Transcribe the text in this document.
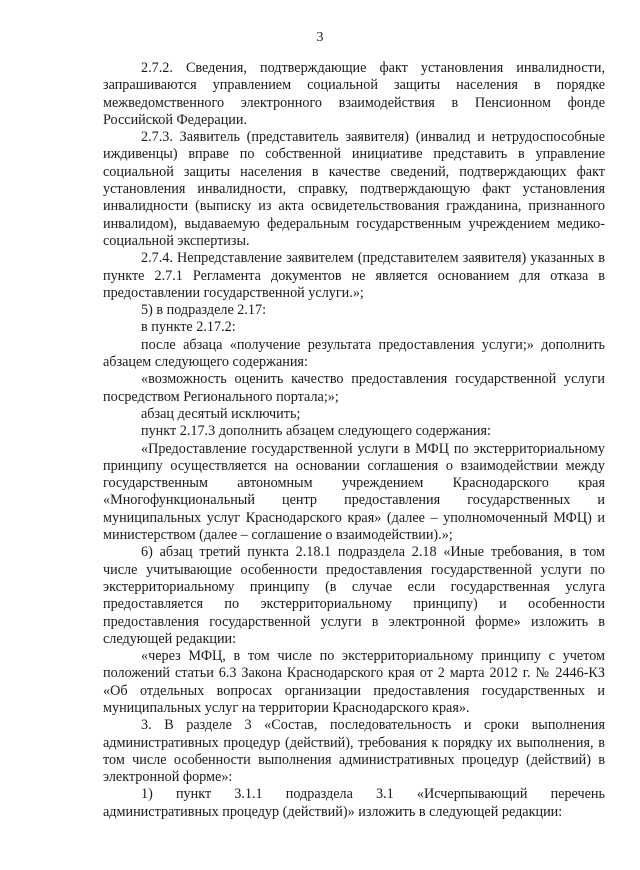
3

2.7.2. Сведения, подтверждающие факт установления инвалидности, запрашиваются управлением социальной защиты населения в порядке межведомственного электронного взаимодействия в Пенсионном фонде Российской Федерации.

2.7.3. Заявитель (представитель заявителя) (инвалид и нетрудоспособные иждивенцы) вправе по собственной инициативе представить в управление социальной защиты населения в качестве сведений, подтверждающих факт установления инвалидности, справку, подтверждающую факт установления инвалидности (выписку из акта освидетельствования гражданина, признанного инвалидом), выдаваемую федеральным государственным учреждением медико-социальной экспертизы.

2.7.4. Непредставление заявителем (представителем заявителя) указанных в пункте 2.7.1 Регламента документов не является основанием для отказа в предоставлении государственной услуги.»;

5) в подразделе 2.17:

в пункте 2.17.2:

после абзаца «получение результата предоставления услуги;» дополнить абзацем следующего содержания:

«возможность оценить качество предоставления государственной услуги посредством Регионального портала;»;

абзац десятый исключить;

пункт 2.17.3 дополнить абзацем следующего содержания:

«Предоставление государственной услуги в МФЦ по экстерриториальному принципу осуществляется на основании соглашения о взаимодействии между государственным автономным учреждением Краснодарского края «Многофункциональный центр предоставления государственных и муниципальных услуг Краснодарского края» (далее – уполномоченный МФЦ) и министерством (далее – соглашение о взаимодействии).»;

6) абзац третий пункта 2.18.1 подраздела 2.18 «Иные требования, в том числе учитывающие особенности предоставления государственной услуги по экстерриториальному принципу (в случае если государственная услуга предоставляется по экстерриториальному принципу) и особенности предоставления государственной услуги в электронной форме» изложить в следующей редакции:

«через МФЦ, в том числе по экстерриториальному принципу с учетом положений статьи 6.3 Закона Краснодарского края от 2 марта 2012 г. № 2446-КЗ «Об отдельных вопросах организации предоставления государственных и муниципальных услуг на территории Краснодарского края».

3. В разделе 3 «Состав, последовательность и сроки выполнения административных процедур (действий), требования к порядку их выполнения, в том числе особенности выполнения административных процедур (действий) в электронной форме»:

1) пункт 3.1.1 подраздела 3.1 «Исчерпывающий перечень административных процедур (действий)» изложить в следующей редакции:
